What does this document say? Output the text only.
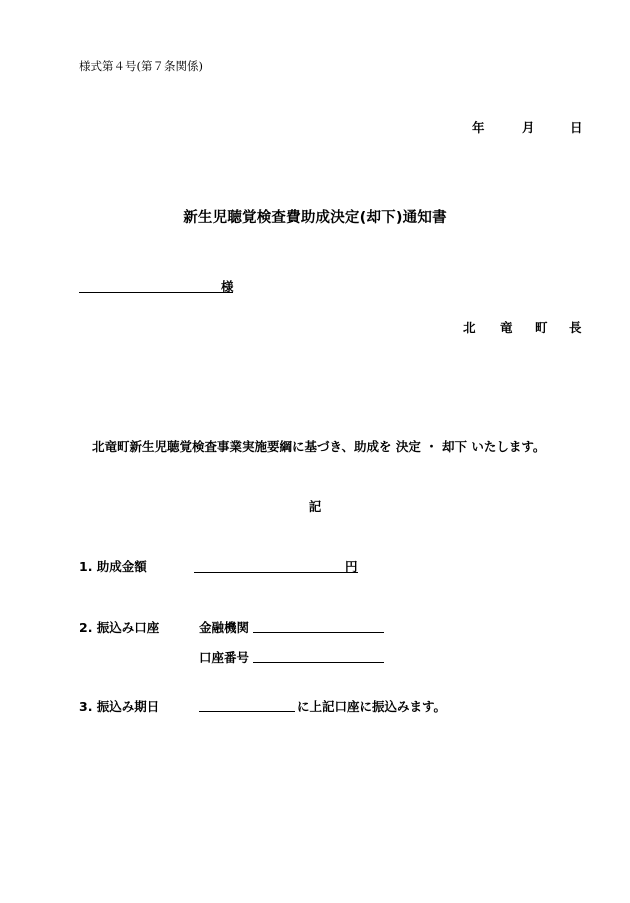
様式第４号(第７条関係)
年	月	日
新生児聴覚検査費助成決定(却下)通知書
様
北 竜 町 長
北竜町新生児聴覚検査事業実施要綱に基づき、助成を 決定 ・ 却下 いたします。
記
1. 助成金額	円
2. 振込み口座	金融機関
口座番号
3. 振込み期日	に上記口座に振込みます。
